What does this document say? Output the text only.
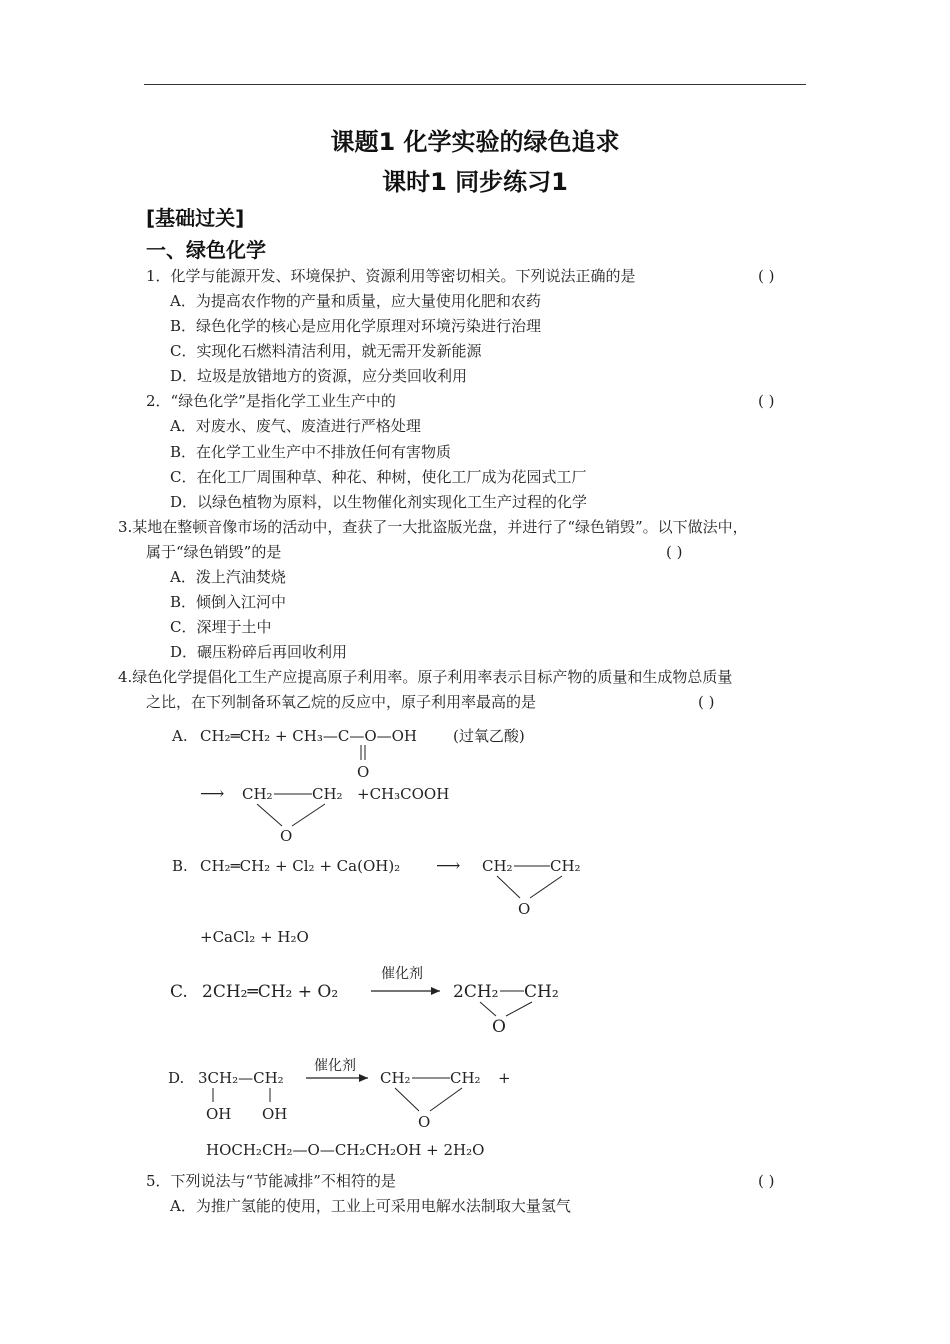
课题1 化学实验的绿色追求
课时1 同步练习1
[基础过关]
一、绿色化学
1．化学与能源开发、环境保护、资源利用等密切相关。下列说法正确的是	( )
A．为提高农作物的产量和质量，应大量使用化肥和农药
B．绿色化学的核心是应用化学原理对环境污染进行治理
C．实现化石燃料清洁利用，就无需开发新能源
D．垃圾是放错地方的资源，应分类回收利用
2．“绿色化学”是指化学工业生产中的	( )
A．对废水、废气、废渣进行严格处理
B．在化学工业生产中不排放任何有害物质
C．在化工厂周围种草、种花、种树，使化工厂成为花园式工厂
D．以绿色植物为原料，以生物催化剂实现化工生产过程的化学
3.某地在整顿音像市场的活动中，查获了一大批盗版光盘，并进行了“绿色销毁”。以下做法中，
属于“绿色销毁”的是	( )
A．泼上汽油焚烧
B．倾倒入江河中
C．深埋于土中
D．碾压粉碎后再回收利用
4.绿色化学提倡化工生产应提高原子利用率。原子利用率表示目标产物的质量和生成物总质量
之比，在下列制备环氧乙烷的反应中，原子利用率最高的是	( )
A. CH₂═CH₂ + CH₃—C—O—OH (过氧乙酸)
O
⟶ CH₂	CH₂
O
+CH₃COOH
B. CH₂═CH₂ + Cl₂ + Ca(OH)₂ ⟶ CH₂ CH₂
O
+CaCl₂ + H₂O
C. 2CH₂═CH₂ + O₂
催化剂
2CH₂ CH₂
O
D. 3CH₂—CH₂
OH OH
催化剂
CH₂	CH₂ +
O
HOCH₂CH₂—O—CH₂CH₂OH + 2H₂O
5．下列说法与“节能减排”不相符的是	( )
A．为推广氢能的使用，工业上可采用电解水法制取大量氢气
